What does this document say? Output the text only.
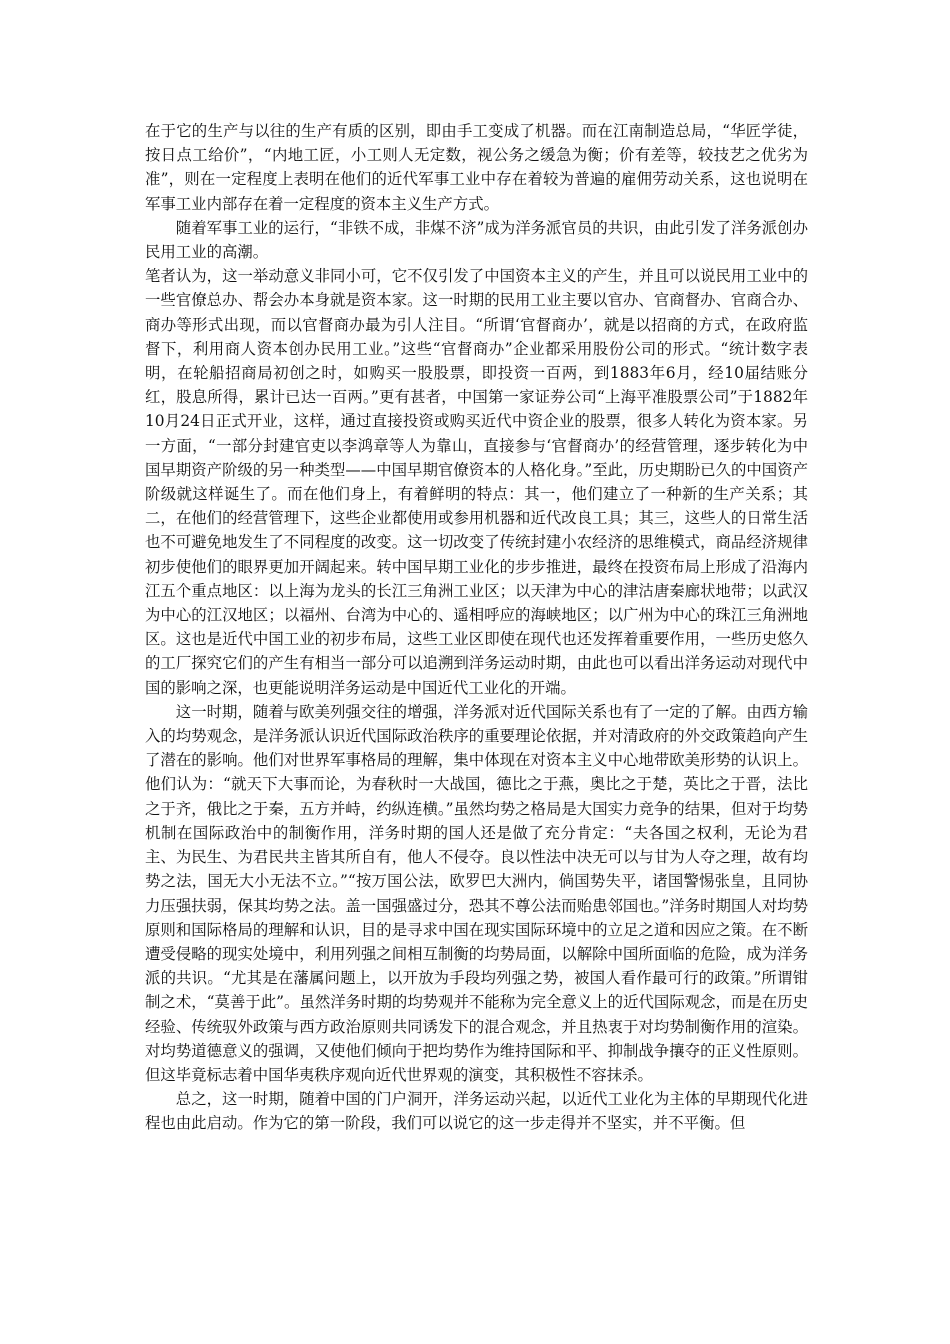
在于它的生产与以往的生产有质的区别，即由手工变成了机器。而在江南制造总局，“华匠学徒，按日点工给价”，“内地工匠，小工则人无定数，视公务之缓急为衡；价有差等，较技艺之优劣为准”，则在一定程度上表明在他们的近代军事工业中存在着较为普遍的雇佣劳动关系，这也说明在军事工业内部存在着一定程度的资本主义生产方式。

随着军事工业的运行，“非铁不成，非煤不济”成为洋务派官员的共识，由此引发了洋务派创办民用工业的高潮。

笔者认为，这一举动意义非同小可，它不仅引发了中国资本主义的产生，并且可以说民用工业中的一些官僚总办、帮会办本身就是资本家。这一时期的民用工业主要以官办、官商督办、官商合办、商办等形式出现，而以官督商办最为引人注目。“所谓‘官督商办’，就是以招商的方式，在政府监督下，利用商人资本创办民用工业。”这些“官督商办”企业都采用股份公司的形式。“统计数字表明，在轮船招商局初创之时，如购买一股股票，即投资一百两，到1883年6月，经10届结账分红，股息所得，累计已达一百两。”更有甚者，中国第一家证券公司“上海平准股票公司”于1882年10月24日正式开业，这样，通过直接投资或购买近代中资企业的股票，很多人转化为资本家。另一方面，“一部分封建官吏以李鸿章等人为靠山，直接参与‘官督商办’的经营管理，逐步转化为中国早期资产阶级的另一种类型——中国早期官僚资本的人格化身。”至此，历史期盼已久的中国资产阶级就这样诞生了。而在他们身上，有着鲜明的特点：其一，他们建立了一种新的生产关系；其二，在他们的经营管理下，这些企业都使用或参用机器和近代改良工具；其三，这些人的日常生活也不可避免地发生了不同程度的改变。这一切改变了传统封建小农经济的思维模式，商品经济规律初步使他们的眼界更加开阔起来。转中国早期工业化的步步推进，最终在投资布局上形成了沿海内江五个重点地区：以上海为龙头的长江三角洲工业区；以天津为中心的津沽唐秦廊状地带；以武汉为中心的江汉地区；以福州、台湾为中心的、遥相呼应的海峡地区；以广州为中心的珠江三角洲地区。这也是近代中国工业的初步布局，这些工业区即使在现代也还发挥着重要作用，一些历史悠久的工厂探究它们的产生有相当一部分可以追溯到洋务运动时期，由此也可以看出洋务运动对现代中国的影响之深，也更能说明洋务运动是中国近代工业化的开端。

这一时期，随着与欧美列强交往的增强，洋务派对近代国际关系也有了一定的了解。由西方输入的均势观念，是洋务派认识近代国际政治秩序的重要理论依据，并对清政府的外交政策趋向产生了潜在的影响。他们对世界军事格局的理解，集中体现在对资本主义中心地带欧美形势的认识上。他们认为：“就天下大事而论，为春秋时一大战国，德比之于燕，奥比之于楚，英比之于晋，法比之于齐，俄比之于秦，五方并峙，约纵连横。”虽然均势之格局是大国实力竞争的结果，但对于均势机制在国际政治中的制衡作用，洋务时期的国人还是做了充分肯定：“夫各国之权利，无论为君主、为民生、为君民共主皆其所自有，他人不侵夺。良以性法中决无可以与甘为人夺之理，故有均势之法，国无大小无法不立。”“按万国公法，欧罗巴大洲内，倘国势失平，诸国警惕张皇，且同协力压强扶弱，保其均势之法。盖一国强盛过分，恐其不尊公法而贻患邻国也。”洋务时期国人对均势原则和国际格局的理解和认识，目的是寻求中国在现实国际环境中的立足之道和因应之策。在不断遭受侵略的现实处境中，利用列强之间相互制衡的均势局面，以解除中国所面临的危险，成为洋务派的共识。“尤其是在藩属问题上，以开放为手段均列强之势，被国人看作最可行的政策。”所谓钳制之术，“莫善于此”。虽然洋务时期的均势观并不能称为完全意义上的近代国际观念，而是在历史经验、传统驭外政策与西方政治原则共同诱发下的混合观念，并且热衷于对均势制衡作用的渲染。对均势道德意义的强调，又使他们倾向于把均势作为维持国际和平、抑制战争攘夺的正义性原则。但这毕竟标志着中国华夷秩序观向近代世界观的演变，其积极性不容抹杀。

总之，这一时期，随着中国的门户洞开，洋务运动兴起，以近代工业化为主体的早期现代化进程也由此启动。作为它的第一阶段，我们可以说它的这一步走得并不坚实，并不平衡。但
